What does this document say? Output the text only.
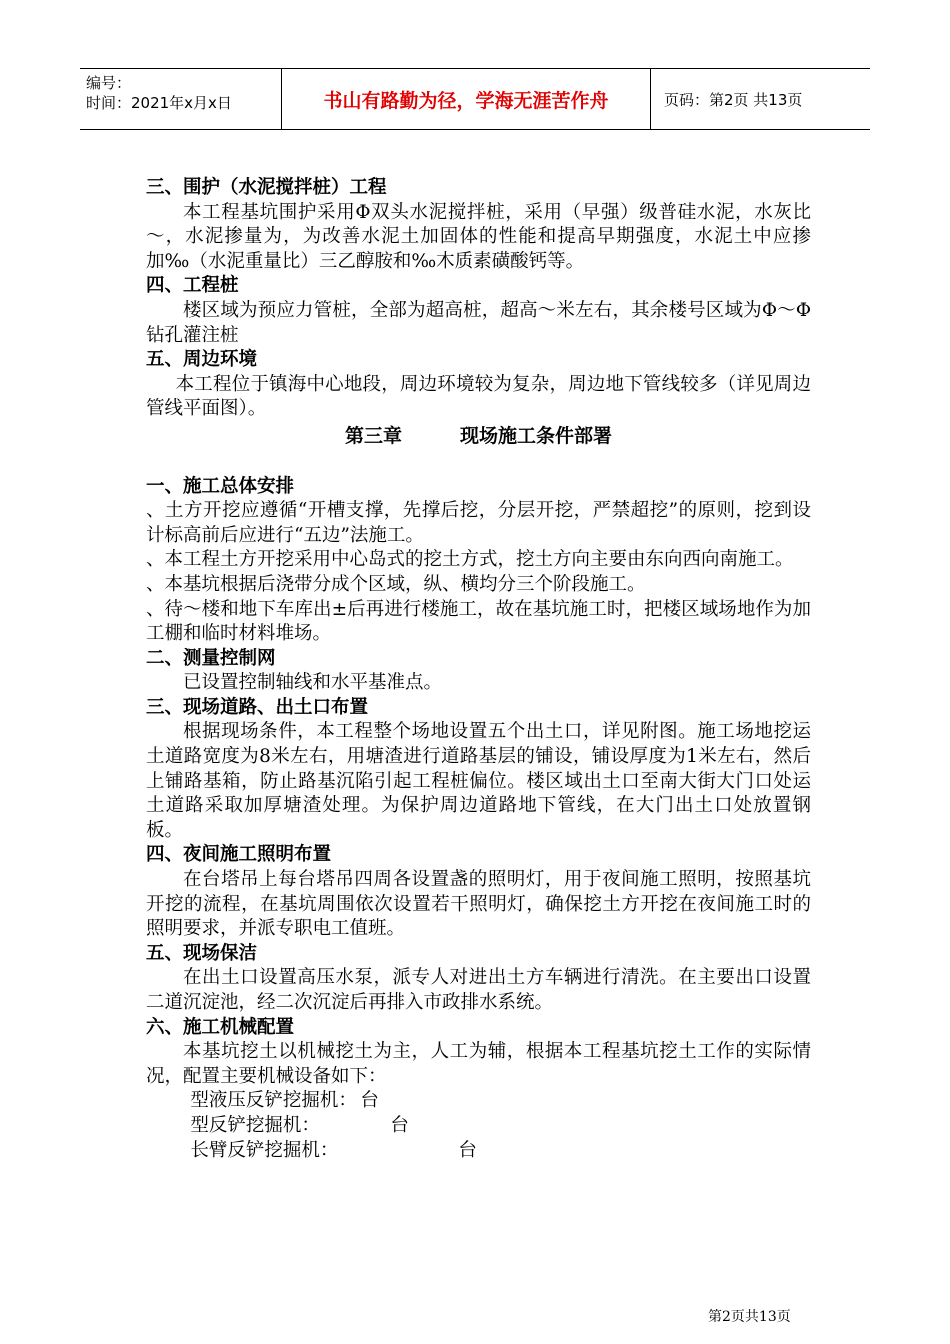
编号：
时间：2021年x月x日	书山有路勤为径，学海无涯苦作舟	页码：第2页 共13页

三、围护（水泥搅拌桩）工程

本工程基坑围护采用Φ双头水泥搅拌桩，采用（早强）级普硅水泥，水灰比～，水泥掺量为，为改善水泥土加固体的性能和提高早期强度，水泥土中应掺加‰（水泥重量比）三乙醇胺和‰木质素磺酸钙等。

四、工程桩

楼区域为预应力管桩，全部为超高桩，超高～米左右，其余楼号区域为Φ～Φ钻孔灌注桩

五、周边环境

本工程位于镇海中心地段，周边环境较为复杂，周边地下管线较多（详见周边管线平面图）。

第三章	现场施工条件部署

一、施工总体安排

、土方开挖应遵循“开槽支撑，先撑后挖，分层开挖，严禁超挖”的原则，挖到设计标高前后应进行“五边”法施工。

、本工程土方开挖采用中心岛式的挖土方式，挖土方向主要由东向西向南施工。

、本基坑根据后浇带分成个区域，纵、横均分三个阶段施工。

、待～楼和地下车库出±后再进行楼施工，故在基坑施工时，把楼区域场地作为加工棚和临时材料堆场。

二、测量控制网

已设置控制轴线和水平基准点。

三、现场道路、出土口布置

根据现场条件，本工程整个场地设置五个出土口，详见附图。施工场地挖运土道路宽度为8米左右，用塘渣进行道路基层的铺设，铺设厚度为1米左右，然后上铺路基箱，防止路基沉陷引起工程桩偏位。楼区域出土口至南大街大门口处运土道路采取加厚塘渣处理。为保护周边道路地下管线，在大门出土口处放置钢板。

四、夜间施工照明布置

在台塔吊上每台塔吊四周各设置盏的照明灯，用于夜间施工照明，按照基坑开挖的流程，在基坑周围依次设置若干照明灯，确保挖土方开挖在夜间施工时的照明要求，并派专职电工值班。

五、现场保洁

在出土口设置高压水泵，派专人对进出土方车辆进行清洗。在主要出口设置二道沉淀池，经二次沉淀后再排入市政排水系统。

六、施工机械配置

本基坑挖土以机械挖土为主，人工为辅，根据本工程基坑挖土工作的实际情况，配置主要机械设备如下：

型液压反铲挖掘机： 台
型反铲挖掘机：	台
长臂反铲挖掘机：	台
第2页共13页
